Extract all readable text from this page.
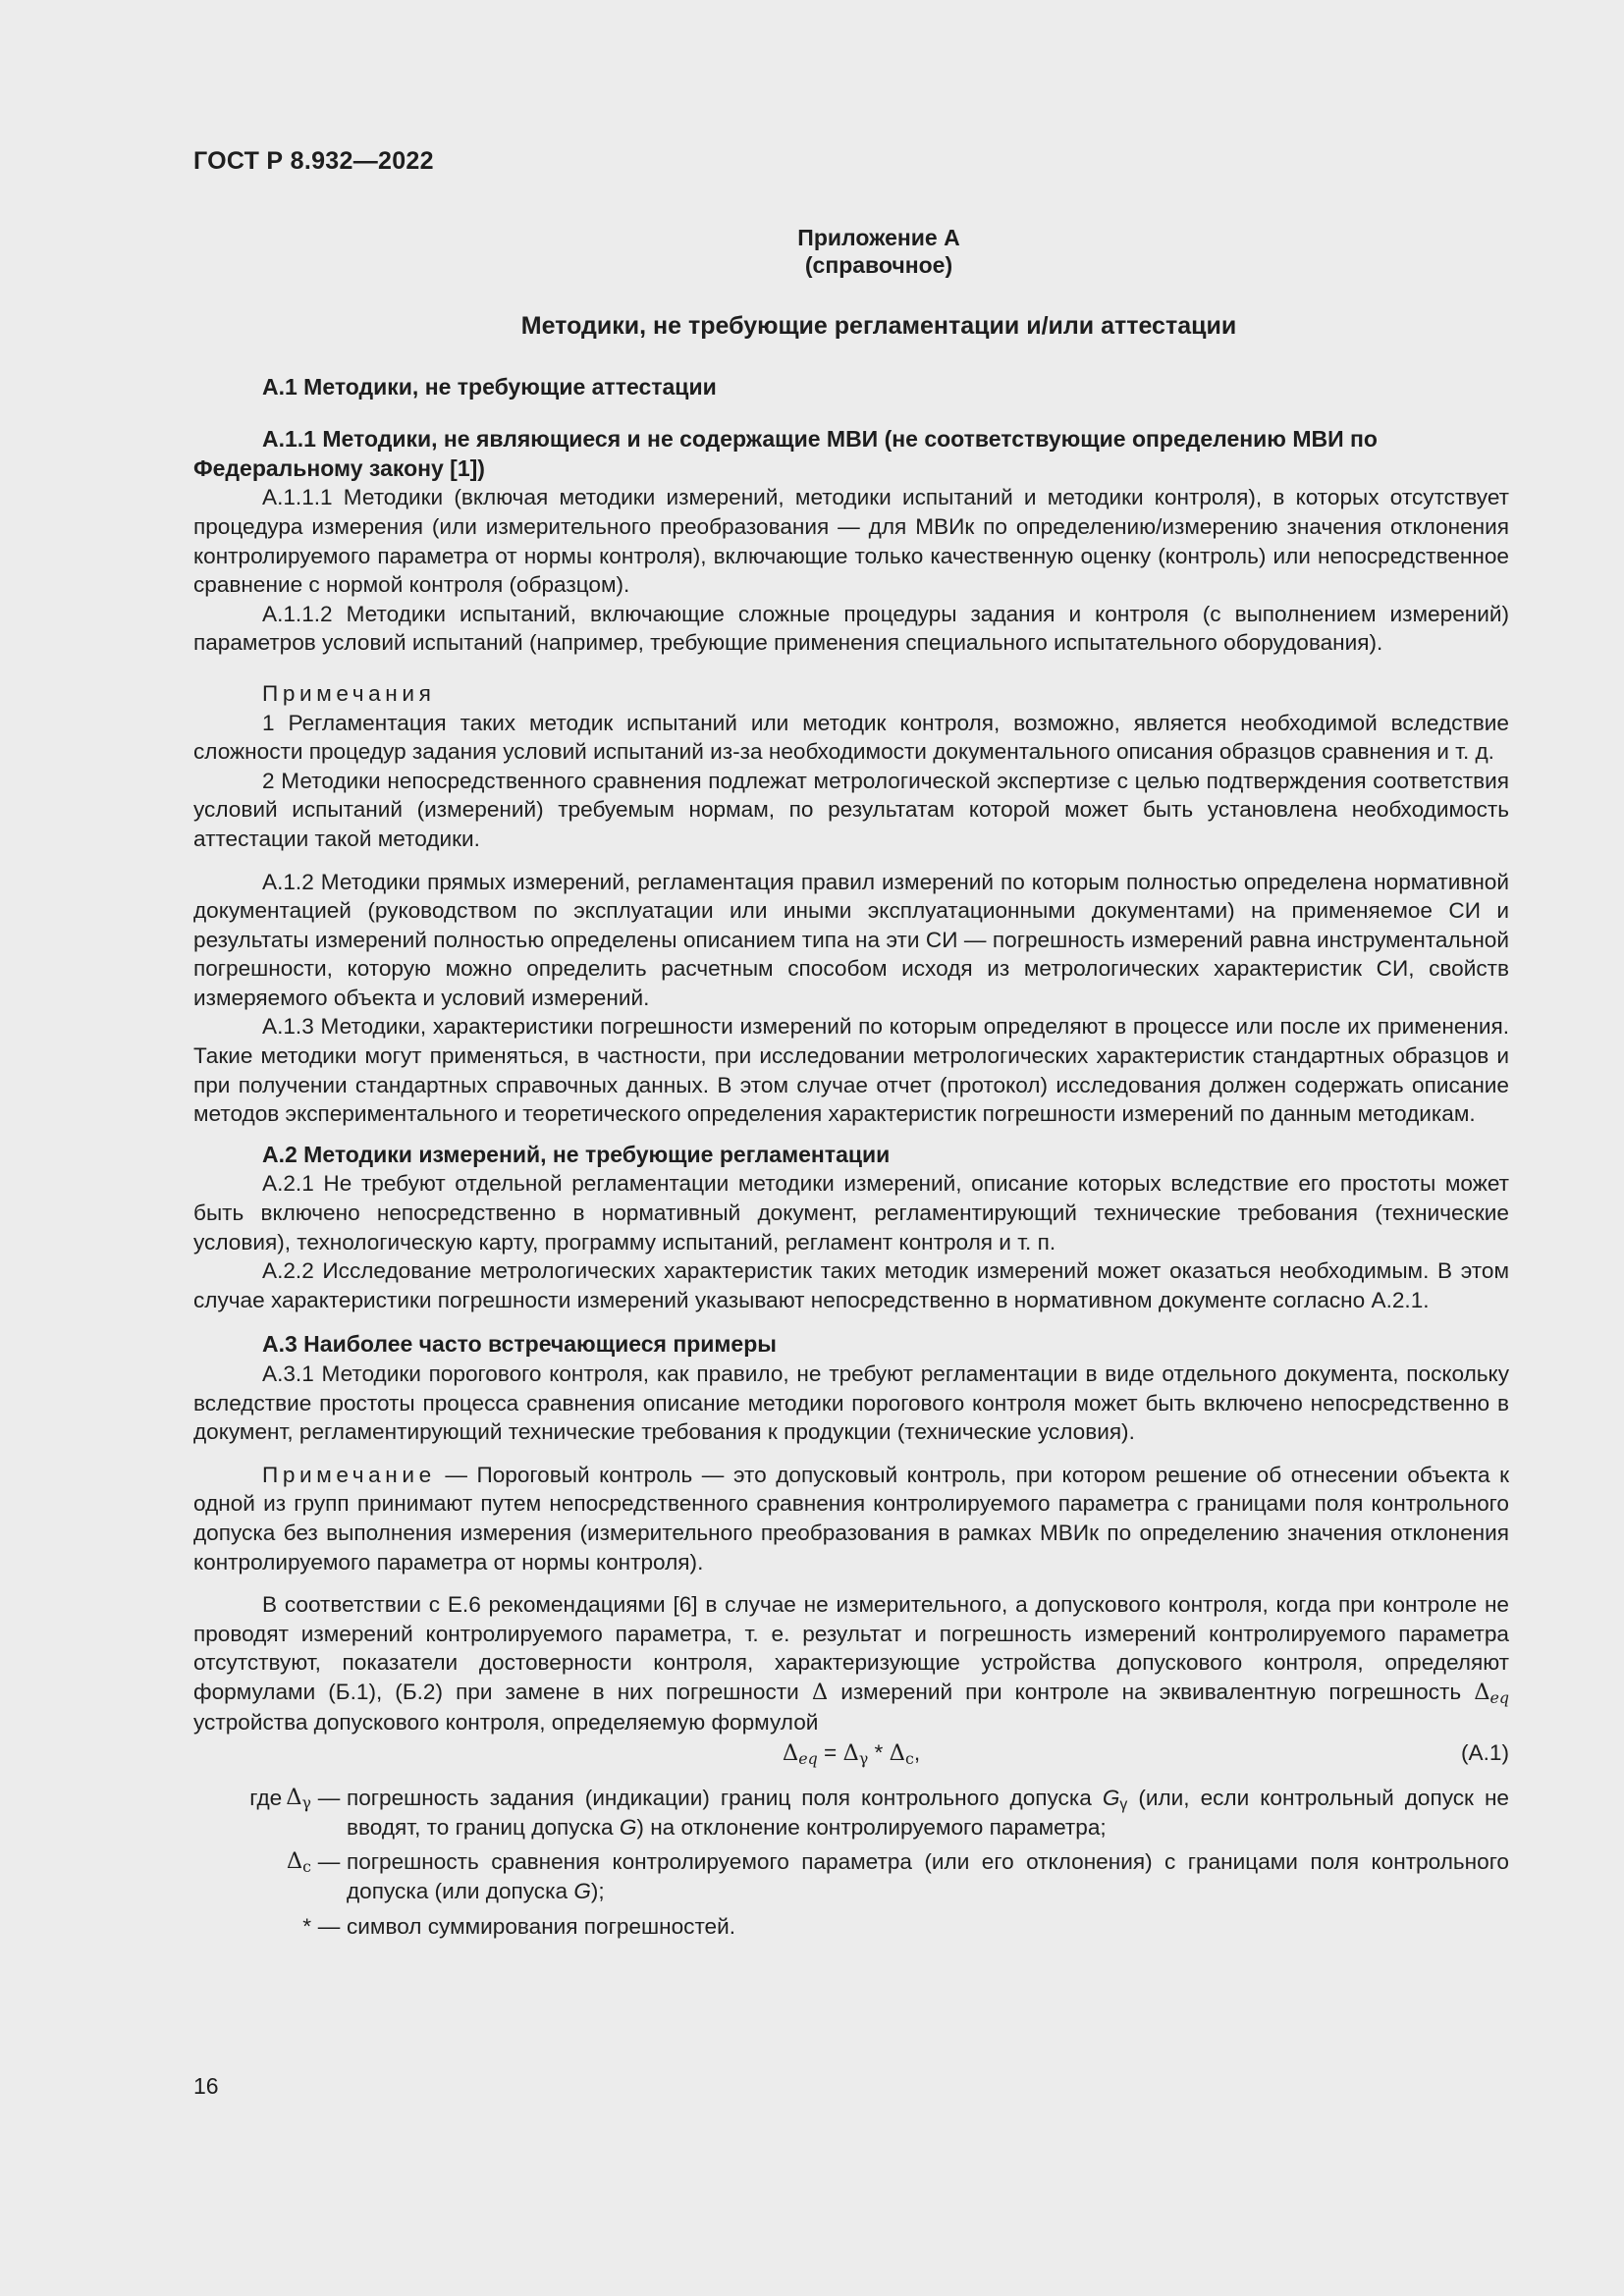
ГОСТ Р 8.932—2022
Приложение А
(справочное)
Методики, не требующие регламентации и/или аттестации
А.1 Методики, не требующие аттестации
А.1.1 Методики, не являющиеся и не содержащие МВИ (не соответствующие определению МВИ по Федеральному закону [1])

А.1.1.1 Методики (включая методики измерений, методики испытаний и методики контроля), в которых отсутствует процедура измерения (или измерительного преобразования — для МВИк по определению/измерению значения отклонения контролируемого параметра от нормы контроля), включающие только качественную оценку (контроль) или непосредственное сравнение с нормой контроля (образцом).

А.1.1.2 Методики испытаний, включающие сложные процедуры задания и контроля (с выполнением измерений) параметров условий испытаний (например, требующие применения специального испытательного оборудования).

Примечания

1 Регламентация таких методик испытаний или методик контроля, возможно, является необходимой вследствие сложности процедур задания условий испытаний из-за необходимости документального описания образцов сравнения и т. д.

2 Методики непосредственного сравнения подлежат метрологической экспертизе с целью подтверждения соответствия условий испытаний (измерений) требуемым нормам, по результатам которой может быть установлена необходимость аттестации такой методики.

А.1.2 Методики прямых измерений, регламентация правил измерений по которым полностью определена нормативной документацией (руководством по эксплуатации или иными эксплуатационными документами) на применяемое СИ и результаты измерений полностью определены описанием типа на эти СИ — погрешность измерений равна инструментальной погрешности, которую можно определить расчетным способом исходя из метрологических характеристик СИ, свойств измеряемого объекта и условий измерений.

А.1.3 Методики, характеристики погрешности измерений по которым определяют в процессе или после их применения. Такие методики могут применяться, в частности, при исследовании метрологических характеристик стандартных образцов и при получении стандартных справочных данных. В этом случае отчет (протокол) исследования должен содержать описание методов экспериментального и теоретического определения характеристик погрешности измерений по данным методикам.

А.2 Методики измерений, не требующие регламентации

А.2.1 Не требуют отдельной регламентации методики измерений, описание которых вследствие его простоты может быть включено непосредственно в нормативный документ, регламентирующий технические требования (технические условия), технологическую карту, программу испытаний, регламент контроля и т. п.

А.2.2 Исследование метрологических характеристик таких методик измерений может оказаться необходимым. В этом случае характеристики погрешности измерений указывают непосредственно в нормативном документе согласно А.2.1.

А.3 Наиболее часто встречающиеся примеры

А.3.1 Методики порогового контроля, как правило, не требуют регламентации в виде отдельного документа, поскольку вследствие простоты процесса сравнения описание методики порогового контроля может быть включено непосредственно в документ, регламентирующий технические требования к продукции (технические условия).

Примечание — Пороговый контроль — это допусковый контроль, при котором решение об отнесении объекта к одной из групп принимают путем непосредственного сравнения контролируемого параметра с границами поля контрольного допуска без выполнения измерения (измерительного преобразования в рамках МВИк по определению значения отклонения контролируемого параметра от нормы контроля).

В соответствии с Е.6 рекомендациями [6] в случае не измерительного, а допускового контроля, когда при контроле не проводят измерений контролируемого параметра, т. е. результат и погрешность измерений контролируемого параметра отсутствуют, показатели достоверности контроля, характеризующие устройства допускового контроля, определяют формулами (Б.1), (Б.2) при замене в них погрешности Δ измерений при контроле на эквивалентную погрешность $\Delta_{eq}$ устройства допускового контроля, определяемую формулой

$\Delta_{eq} = \Delta_\gamma * \Delta_c$,	(А.1)
где $\Delta_\gamma$ — погрешность задания (индикации) границ поля контрольного допуска $G_\gamma$ (или, если контрольный допуск не вводят, то границ допуска G) на отклонение контролируемого параметра;
$\Delta_c$ — погрешность сравнения контролируемого параметра (или его отклонения) с границами поля контрольного допуска (или допуска G);
* — символ суммирования погрешностей.
16
